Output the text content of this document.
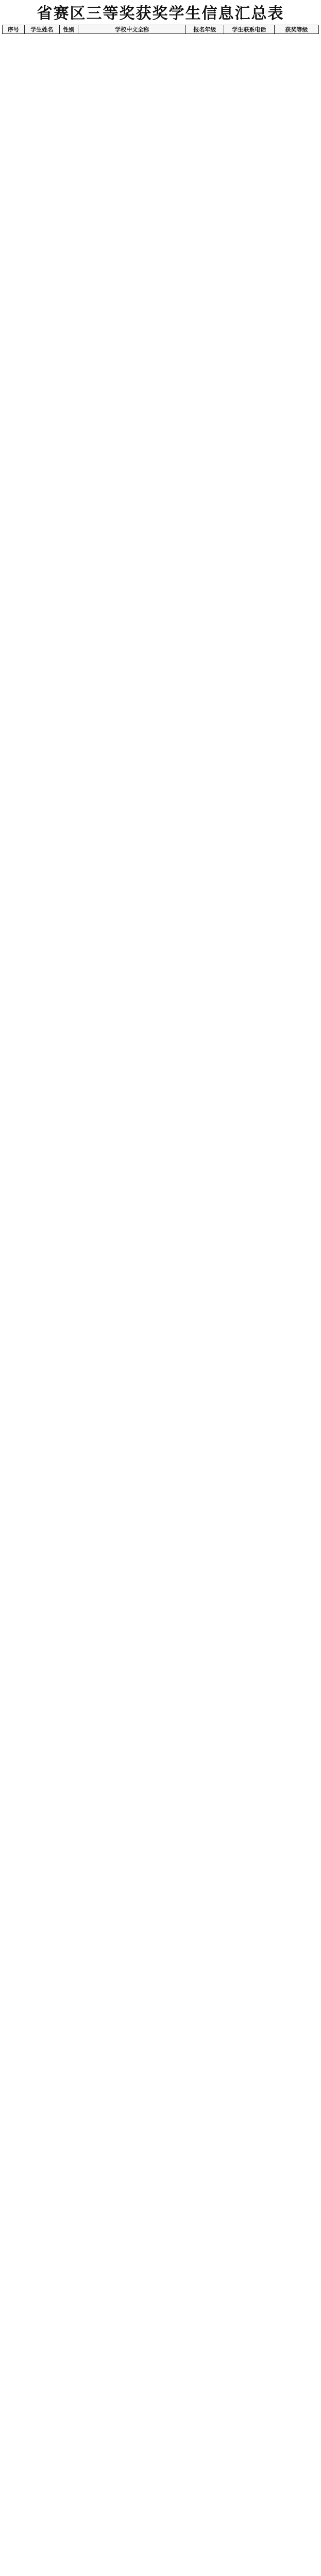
省赛区三等奖获奖学生信息汇总表
序号	学生姓名	性别	学校中文全称	报名年级	学生联系电话	获奖等级
